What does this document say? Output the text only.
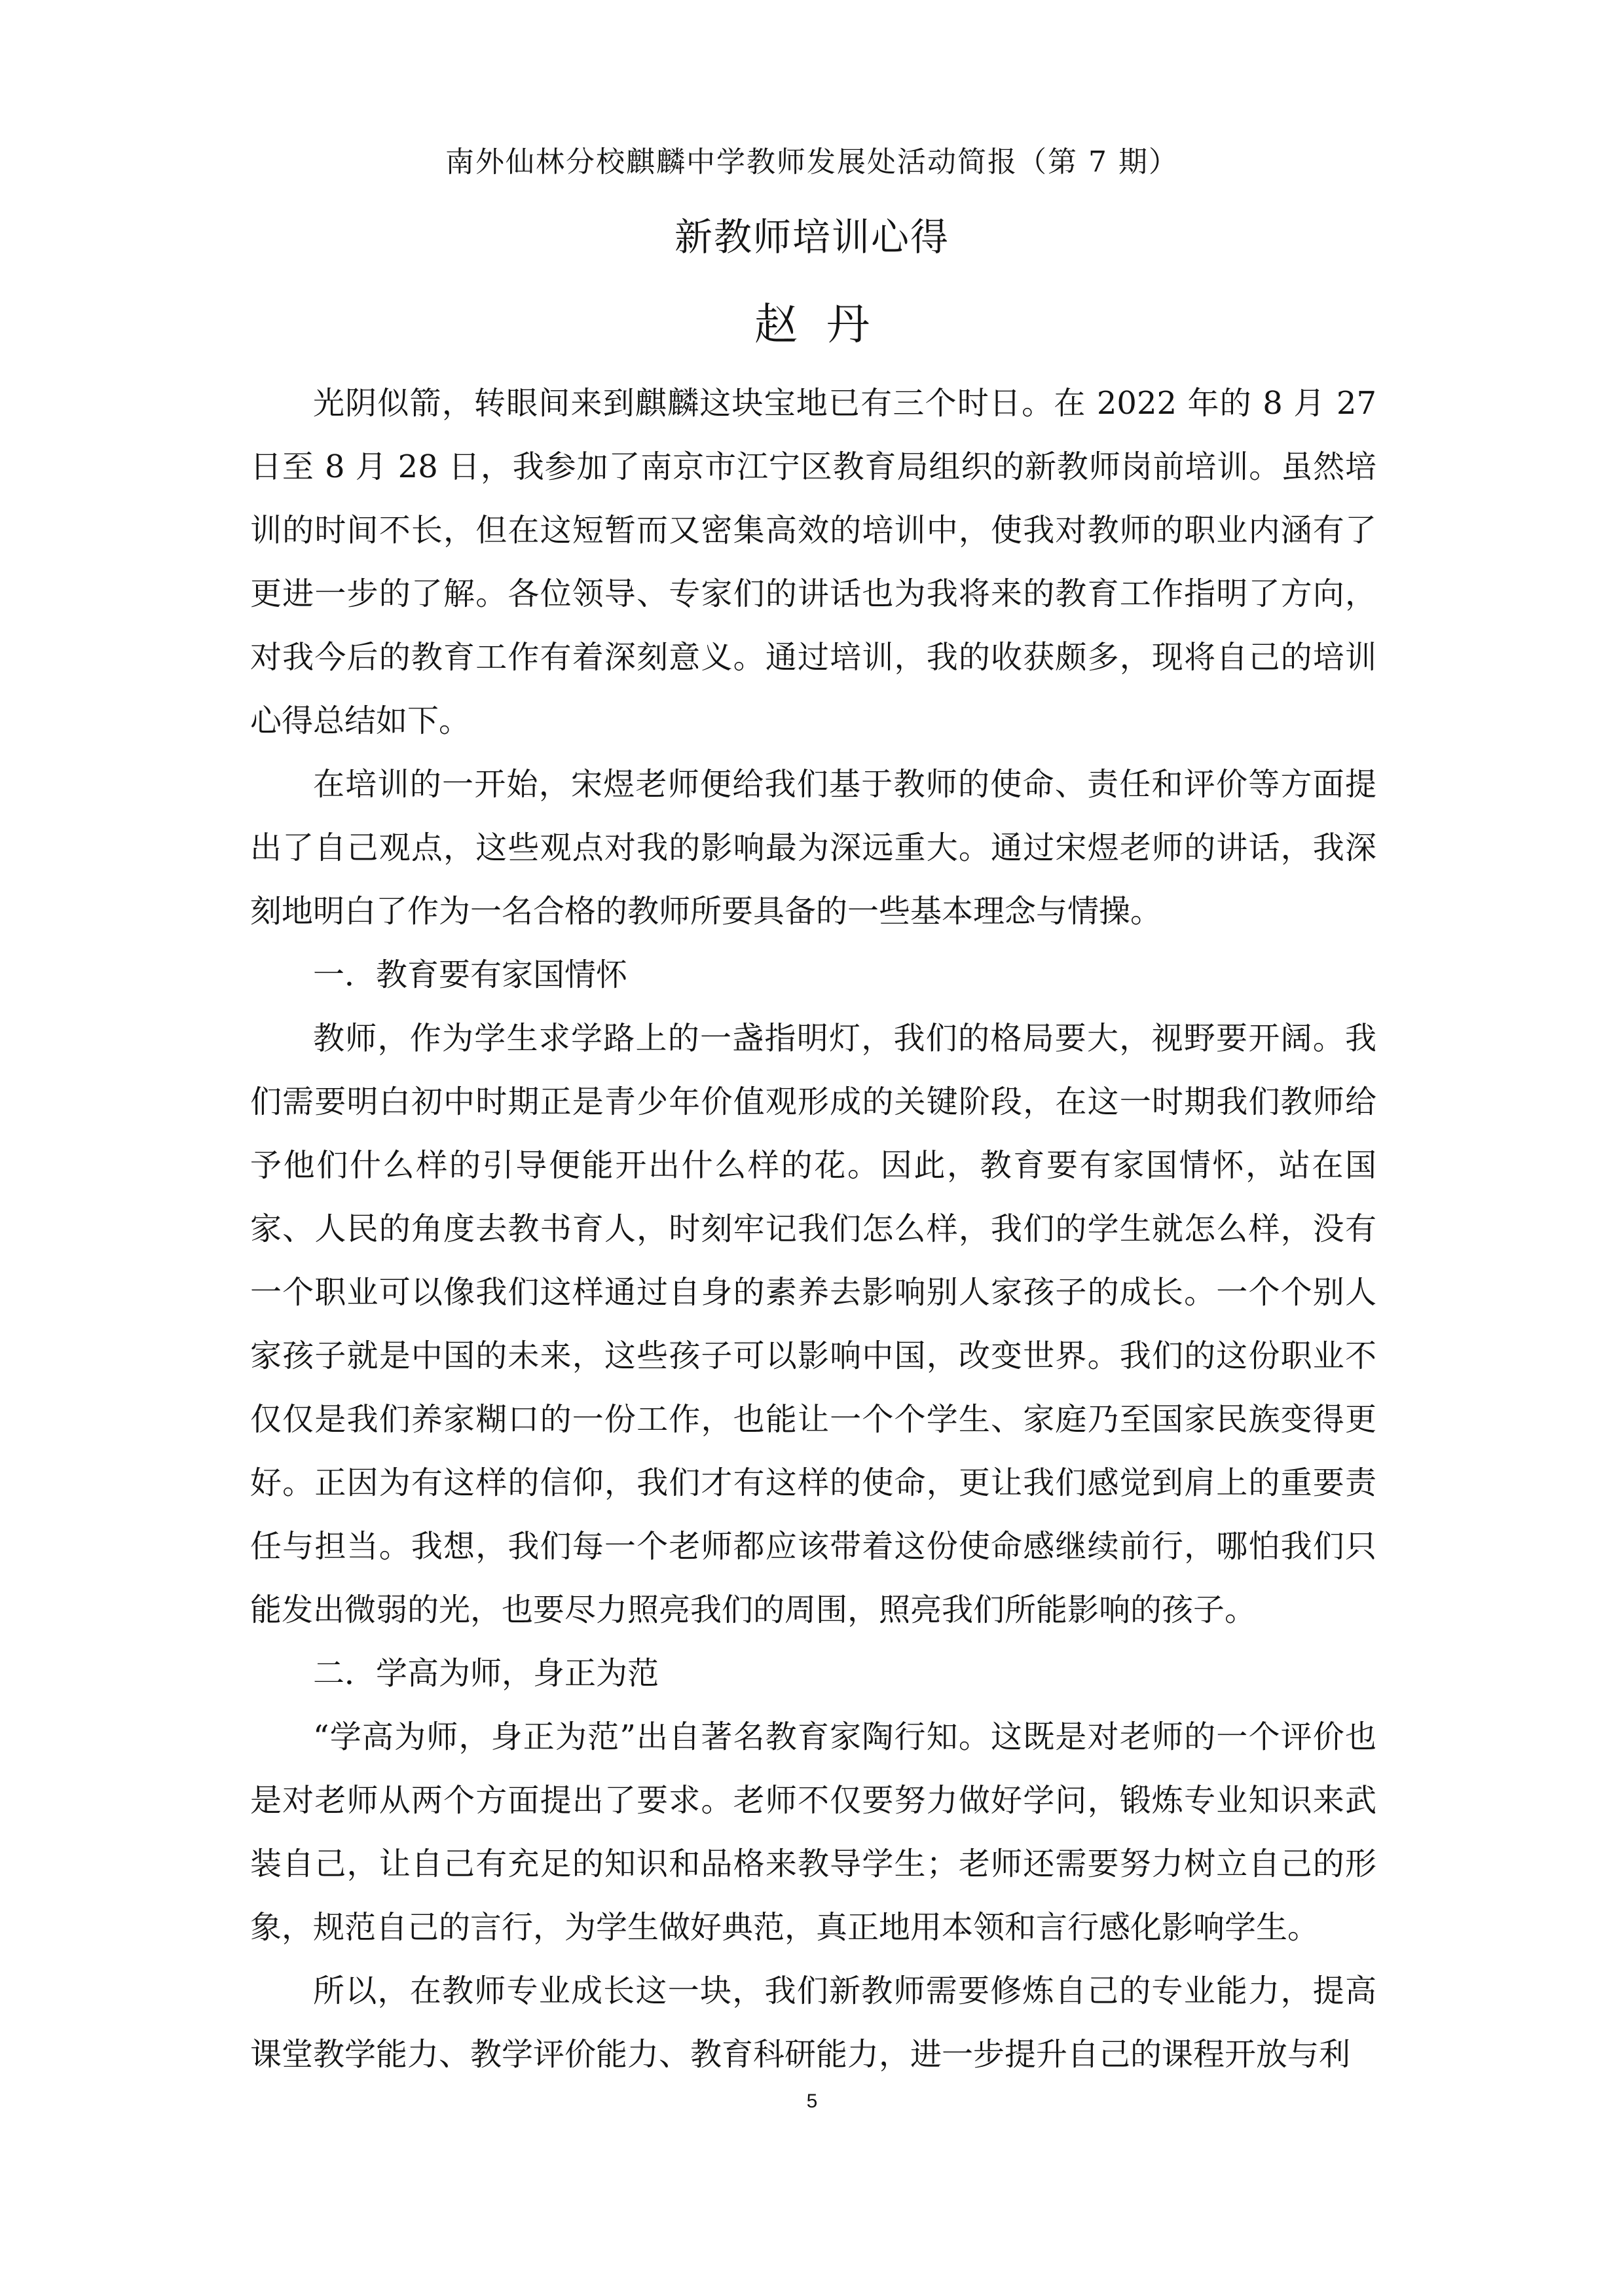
南外仙林分校麒麟中学教师发展处活动简报（第 7 期）
新教师培训心得
赵丹

光阴似箭，转眼间来到麒麟这块宝地已有三个时日。在 2022 年的 8 月 27 日至 8 月 28 日，我参加了南京市江宁区教育局组织的新教师岗前培训。虽然培训的时间不长，但在这短暂而又密集高效的培训中，使我对教师的职业内涵有了更进一步的了解。各位领导、专家们的讲话也为我将来的教育工作指明了方向，对我今后的教育工作有着深刻意义。通过培训，我的收获颇多，现将自己的培训心得总结如下。

在培训的一开始，宋煜老师便给我们基于教师的使命、责任和评价等方面提出了自己观点，这些观点对我的影响最为深远重大。通过宋煜老师的讲话，我深刻地明白了作为一名合格的教师所要具备的一些基本理念与情操。

一．教育要有家国情怀

教师，作为学生求学路上的一盏指明灯，我们的格局要大，视野要开阔。我们需要明白初中时期正是青少年价值观形成的关键阶段，在这一时期我们教师给予他们什么样的引导便能开出什么样的花。因此，教育要有家国情怀，站在国家、人民的角度去教书育人，时刻牢记我们怎么样，我们的学生就怎么样，没有一个职业可以像我们这样通过自身的素养去影响别人家孩子的成长。一个个别人家孩子就是中国的未来，这些孩子可以影响中国，改变世界。我们的这份职业不仅仅是我们养家糊口的一份工作，也能让一个个学生、家庭乃至国家民族变得更好。正因为有这样的信仰，我们才有这样的使命，更让我们感觉到肩上的重要责任与担当。我想，我们每一个老师都应该带着这份使命感继续前行，哪怕我们只能发出微弱的光，也要尽力照亮我们的周围，照亮我们所能影响的孩子。

二．学高为师，身正为范

“学高为师，身正为范”出自著名教育家陶行知。这既是对老师的一个评价也是对老师从两个方面提出了要求。老师不仅要努力做好学问，锻炼专业知识来武装自己，让自己有充足的知识和品格来教导学生；老师还需要努力树立自己的形象，规范自己的言行，为学生做好典范，真正地用本领和言行感化影响学生。

所以，在教师专业成长这一块，我们新教师需要修炼自己的专业能力，提高课堂教学能力、教学评价能力、教育科研能力，进一步提升自己的课程开放与利

5
